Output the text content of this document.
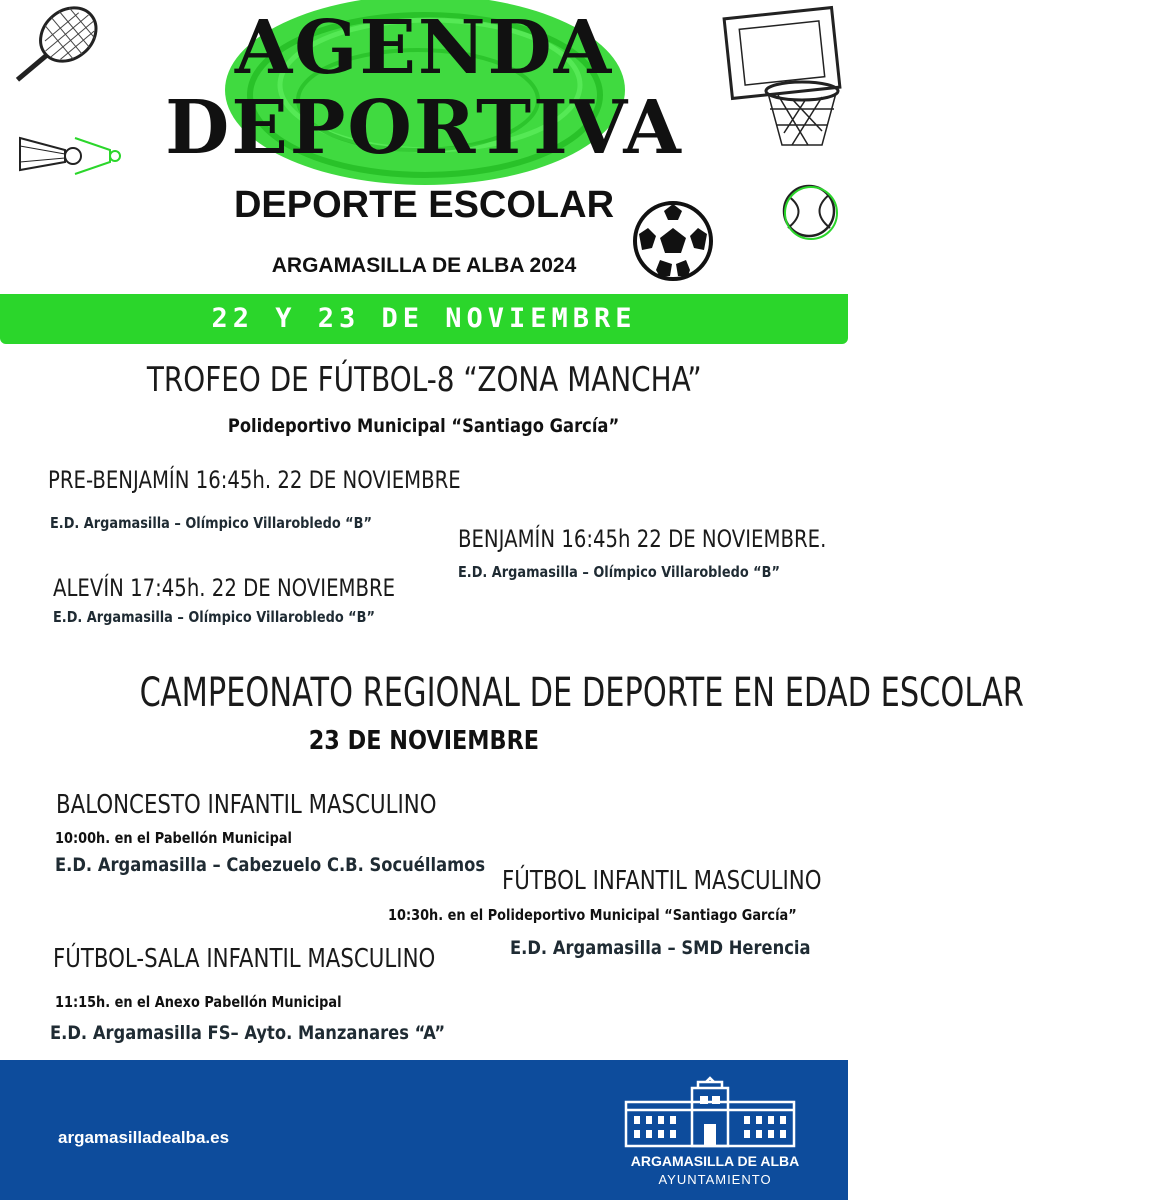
AGENDA
DEPORTIVA
DEPORTE ESCOLAR
ARGAMASILLA DE ALBA 2024
22 Y 23 DE NOVIEMBRE
TROFEO DE FÚTBOL-8 “ZONA MANCHA”
Polideportivo Municipal “Santiago García”
PRE-BENJAMÍN 16:45h. 22 DE NOVIEMBRE
E.D. Argamasilla – Olímpico Villarobledo “B”
BENJAMÍN 16:45h 22 DE NOVIEMBRE.
E.D. Argamasilla – Olímpico Villarobledo “B”
ALEVÍN 17:45h. 22 DE NOVIEMBRE
E.D. Argamasilla – Olímpico Villarobledo “B”
CAMPEONATO REGIONAL DE DEPORTE EN EDAD ESCOLAR
23 DE NOVIEMBRE
BALONCESTO INFANTIL MASCULINO
10:00h. en el Pabellón Municipal
E.D. Argamasilla – Cabezuelo C.B. Socuéllamos
FÚTBOL INFANTIL MASCULINO
10:30h. en el Polideportivo Municipal “Santiago García”
E.D. Argamasilla – SMD Herencia
FÚTBOL-SALA INFANTIL MASCULINO
11:15h. en el Anexo Pabellón Municipal
E.D. Argamasilla FS– Ayto. Manzanares “A”
argamasilladealba.es
ARGAMASILLA DE ALBA
AYUNTAMIENTO
